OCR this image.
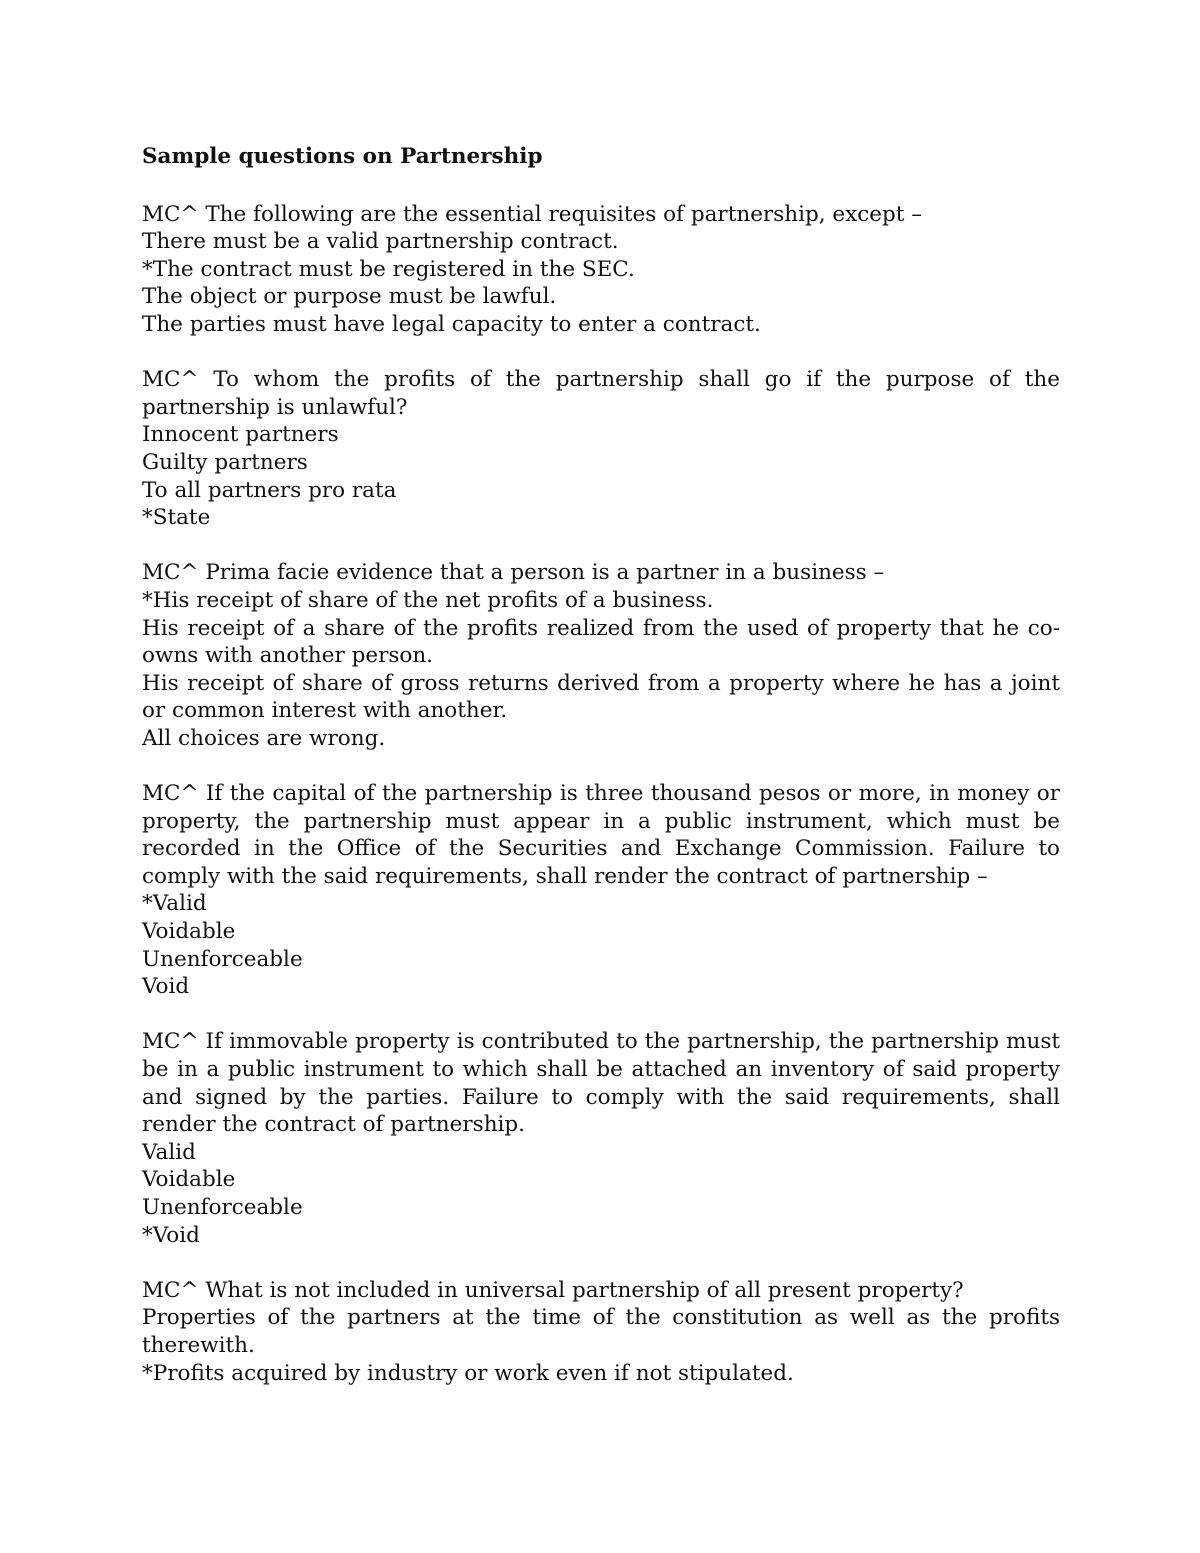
Sample questions on Partnership

MC^ The following are the essential requisites of partnership, except –

There must be a valid partnership contract.

*The contract must be registered in the SEC.

The object or purpose must be lawful.

The parties must have legal capacity to enter a contract.

MC^ To whom the profits of the partnership shall go if the purpose of the partnership is unlawful?

Innocent partners

Guilty partners

To all partners pro rata

*State

MC^ Prima facie evidence that a person is a partner in a business –

*His receipt of share of the net profits of a business.

His receipt of a share of the profits realized from the used of property that he co-owns with another person.

His receipt of share of gross returns derived from a property where he has a joint or common interest with another.

All choices are wrong.

MC^ If the capital of the partnership is three thousand pesos or more, in money or property, the partnership must appear in a public instrument, which must be recorded in the Office of the Securities and Exchange Commission. Failure to comply with the said requirements, shall render the contract of partnership –

*Valid

Voidable

Unenforceable

Void

MC^ If immovable property is contributed to the partnership, the partnership must be in a public instrument to which shall be attached an inventory of said property and signed by the parties. Failure to comply with the said requirements, shall render the contract of partnership.

Valid

Voidable

Unenforceable

*Void

MC^ What is not included in universal partnership of all present property?

Properties of the partners at the time of the constitution as well as the profits therewith.

*Profits acquired by industry or work even if not stipulated.
